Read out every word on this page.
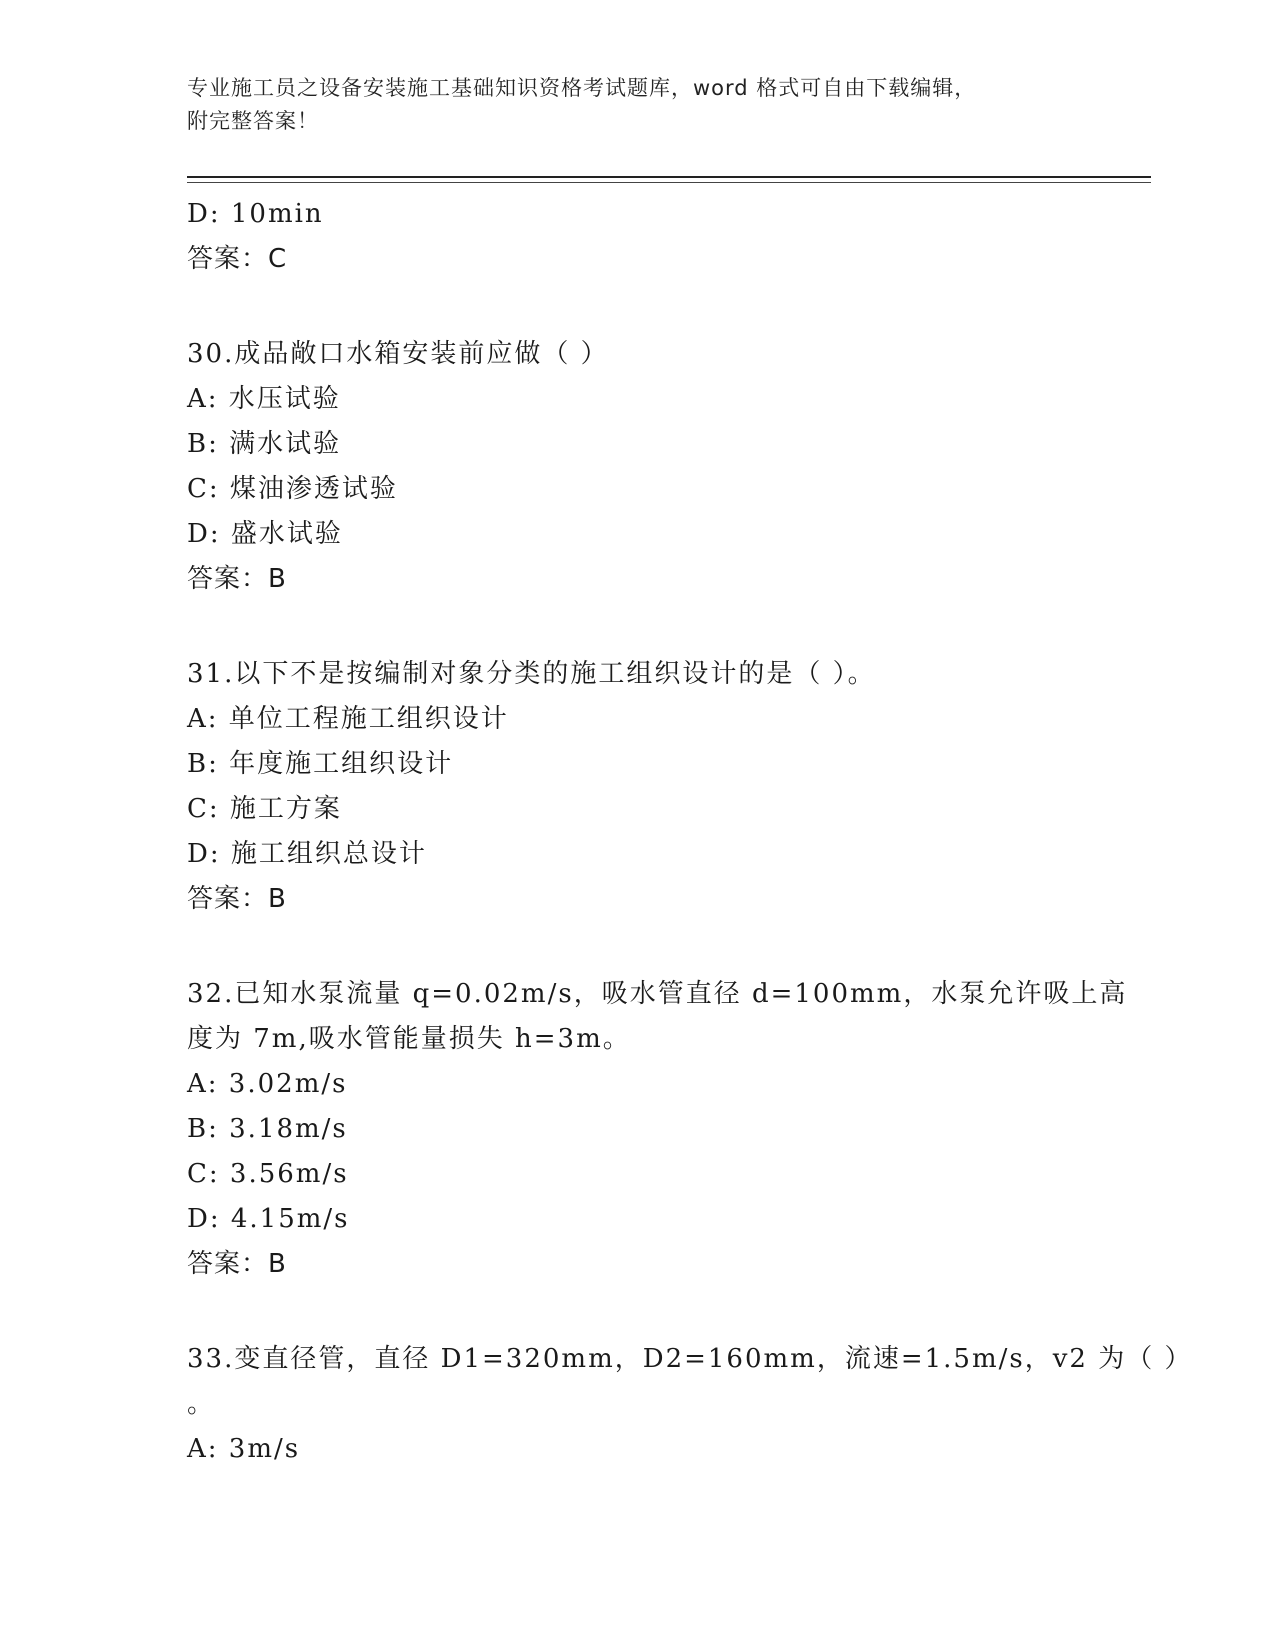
专业施工员之设备安装施工基础知识资格考试题库，word 格式可自由下载编辑，
附完整答案！
D: 10min
答案：C
30.成品敞口水箱安装前应做（ ）
A: 水压试验
B: 满水试验
C: 煤油渗透试验
D: 盛水试验
答案：B
31.以下不是按编制对象分类的施工组织设计的是（ ）。
A: 单位工程施工组织设计
B: 年度施工组织设计
C: 施工方案
D: 施工组织总设计
答案：B
32.已知水泵流量 q=0.02m/s，吸水管直径 d=100mm，水泵允许吸上高
度为 7m,吸水管能量损失 h=3m。
A: 3.02m/s
B: 3.18m/s
C: 3.56m/s
D: 4.15m/s
答案：B
33.变直径管，直径 D1=320mm，D2=160mm，流速=1.5m/s，v2 为（ ）
。
A: 3m/s
